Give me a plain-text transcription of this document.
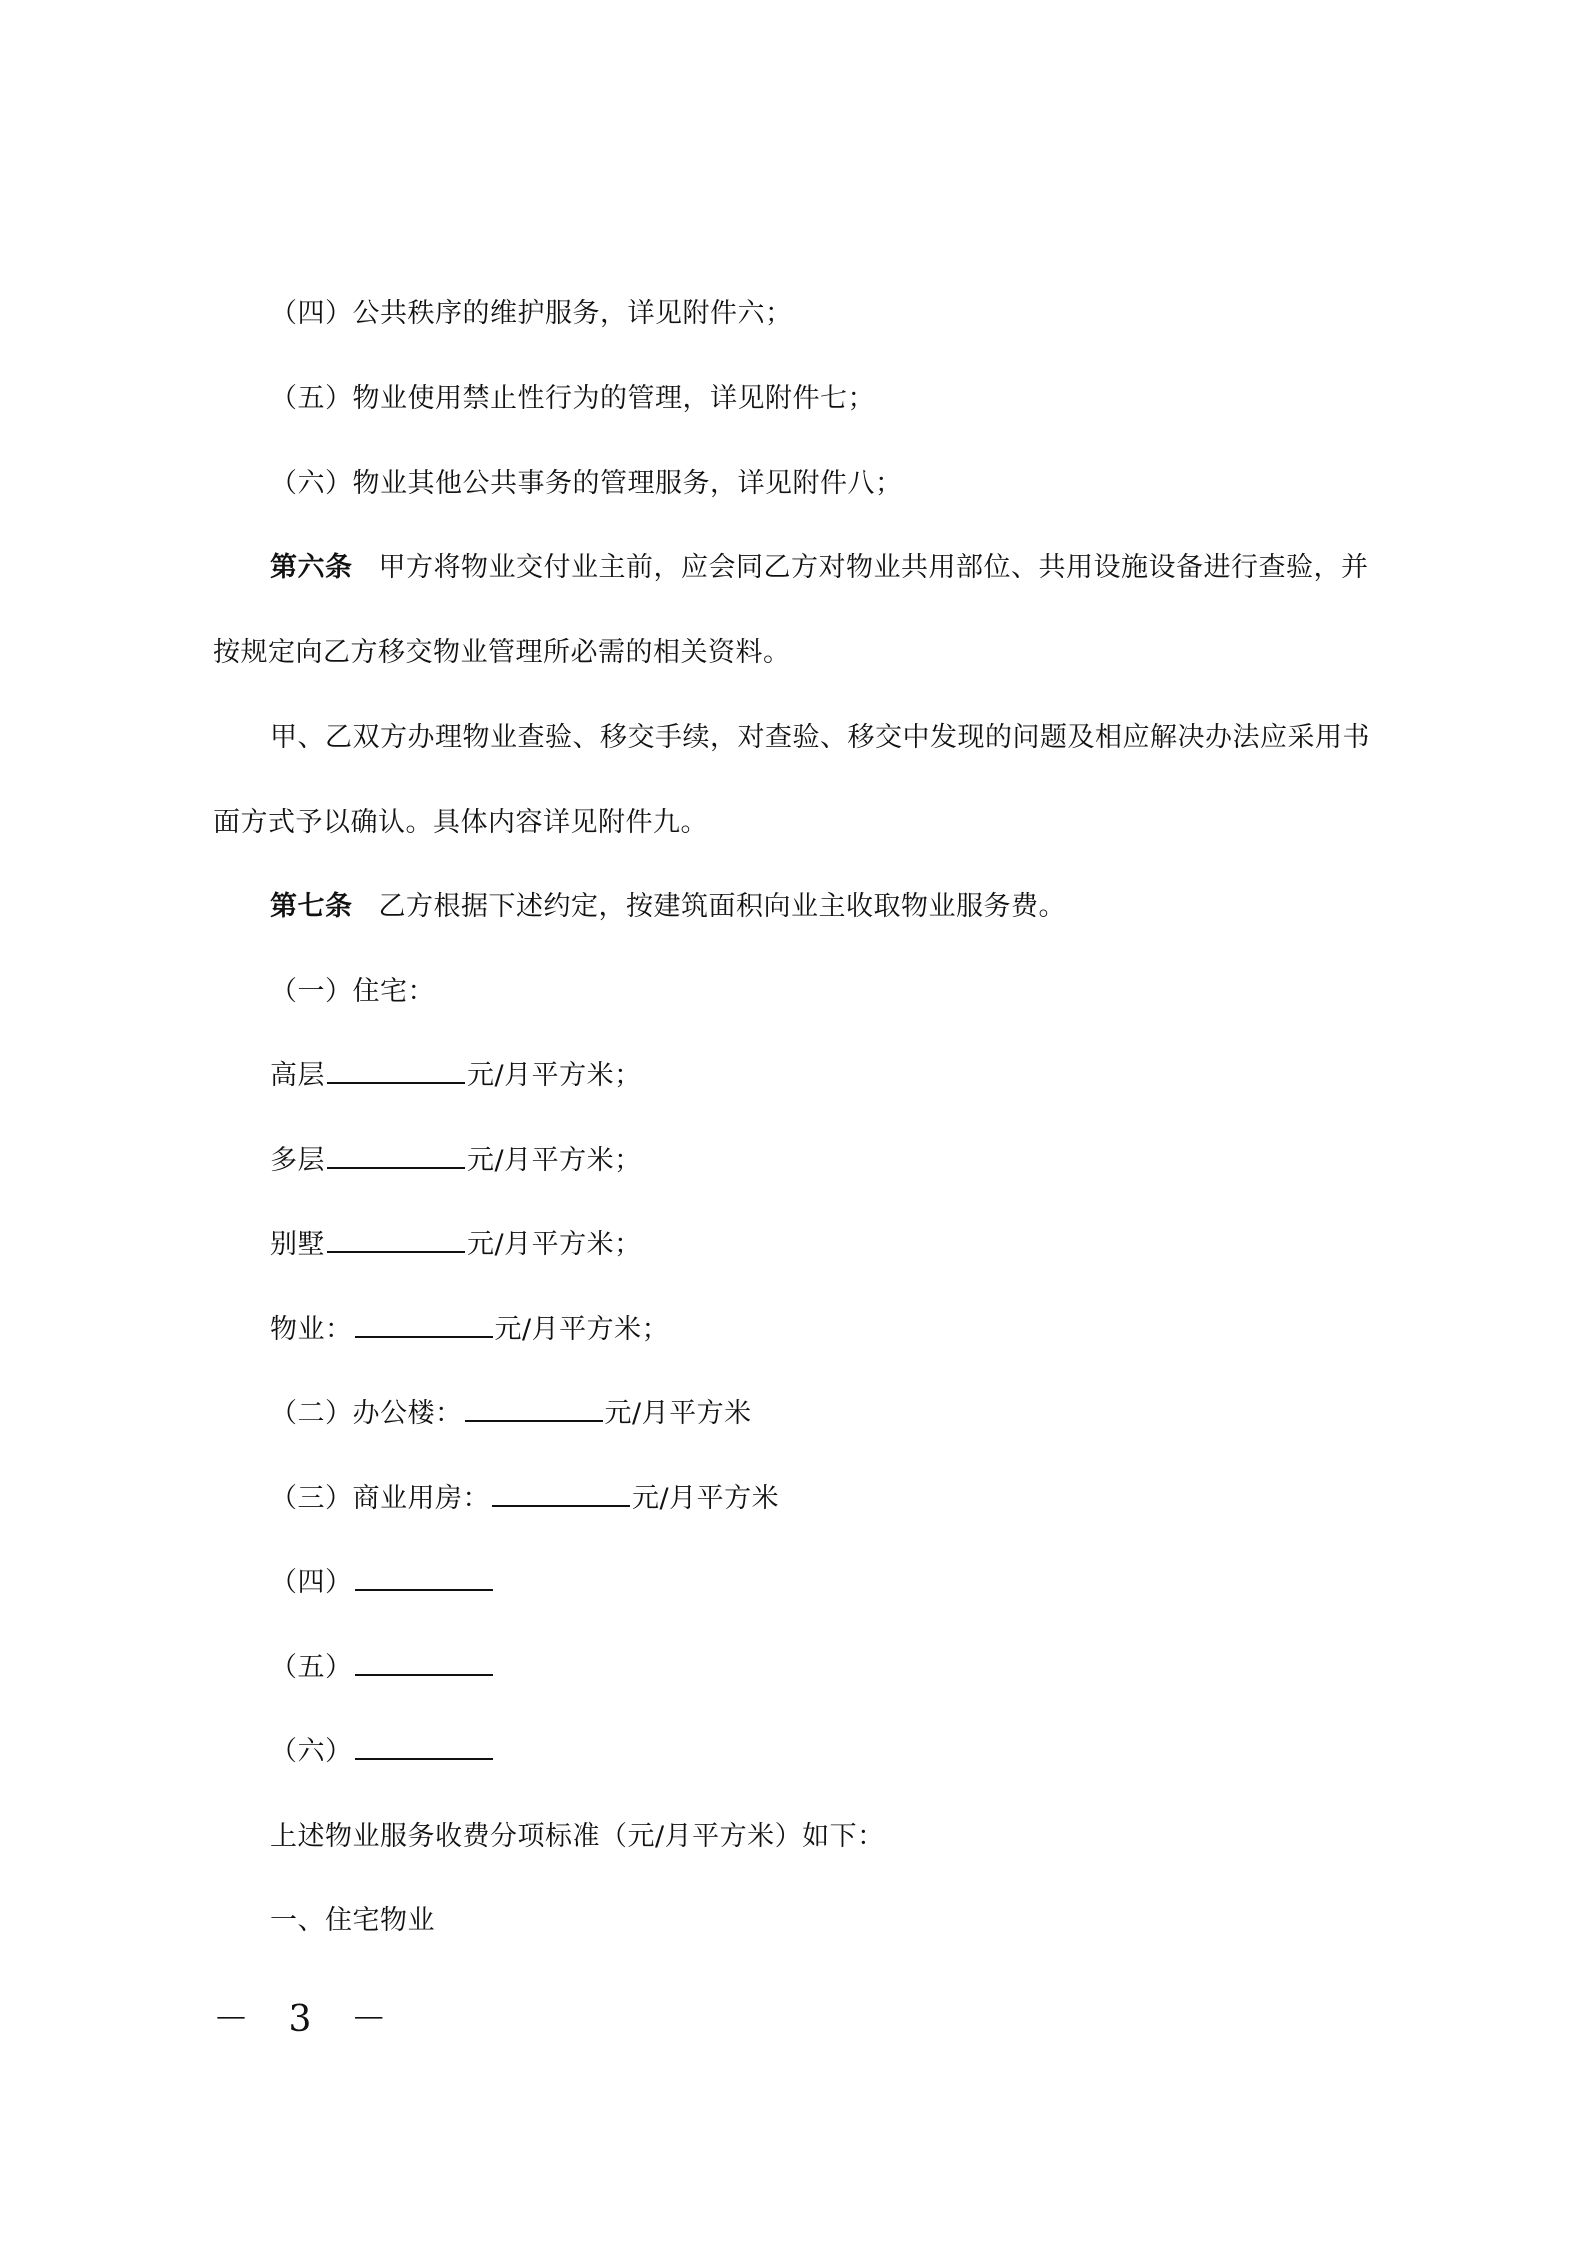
（四）公共秩序的维护服务，详见附件六；
（五）物业使用禁止性行为的管理，详见附件七；
（六）物业其他公共事务的管理服务，详见附件八；
第六条 甲方将物业交付业主前，应会同乙方对物业共用部位、共用设施设备进行查验，并
按规定向乙方移交物业管理所必需的相关资料。
甲、乙双方办理物业查验、移交手续，对查验、移交中发现的问题及相应解决办法应采用书
面方式予以确认。具体内容详见附件九。
第七条 乙方根据下述约定，按建筑面积向业主收取物业服务费。
（一）住宅：
高层	元/月平方米；
多层	元/月平方米；
别墅	元/月平方米；
物业：	元/月平方米；
（二）办公楼：	元/月平方米
（三）商业用房：	元/月平方米
（四）
（五）
（六）
上述物业服务收费分项标准（元/月平方米）如下：
一、住宅物业
－ 3 －
